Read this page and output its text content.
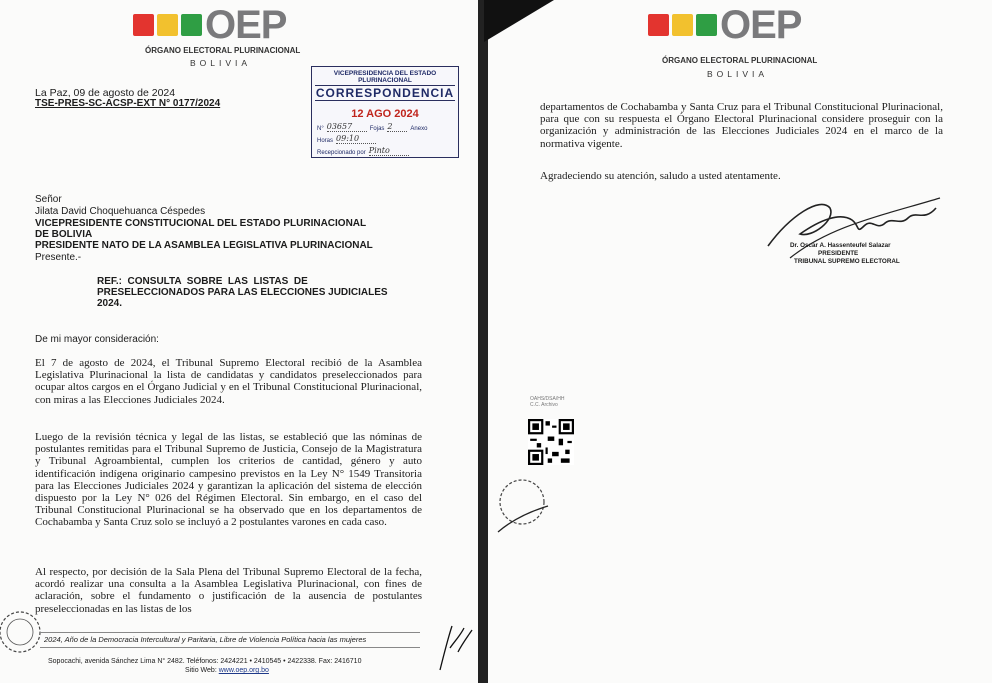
OEP
ÓRGANO ELECTORAL PLURINACIONAL
BOLIVIA
La Paz, 09 de agosto de 2024
TSE-PRES-SC-ACSP-EXT N° 0177/2024
VICEPRESIDENCIA DEL ESTADO PLURINACIONAL
CORRESPONDENCIA
12 AGO 2024
N° 03657	Fojas 2	Anexo
Horas 09:10
Recepcionado por Pinto
Señor
Jilata David Choquehuanca Céspedes
VICEPRESIDENTE CONSTITUCIONAL DEL ESTADO PLURINACIONAL
DE BOLIVIA
PRESIDENTE NATO DE LA ASAMBLEA LEGISLATIVA PLURINACIONAL
Presente.-
REF.:  CONSULTA  SOBRE  LAS  LISTAS  DE
PRESELECCIONADOS PARA LAS ELECCIONES JUDICIALES
2024.
De mi mayor consideración:
El 7 de agosto de 2024, el Tribunal Supremo Electoral recibió de la Asamblea Legislativa Plurinacional la lista de candidatas y candidatos preseleccionados para ocupar altos cargos en el Órgano Judicial y en el Tribunal Constitucional Plurinacional, con miras a las Elecciones Judiciales 2024.
Luego de la revisión técnica y legal de las listas, se estableció que las nóminas de postulantes remitidas para el Tribunal Supremo de Justicia, Consejo de la Magistratura y Tribunal Agroambiental, cumplen los criterios de cantidad, género y auto identificación indígena originario campesino previstos en la Ley N° 1549 Transitoria para las Elecciones Judiciales 2024 y garantizan la aplicación del sistema de elección dispuesto por la Ley N° 026 del Régimen Electoral. Sin embargo, en el caso del Tribunal Constitucional Plurinacional se ha observado que en los departamentos de Cochabamba y Santa Cruz solo se incluyó a 2 postulantes varones en cada caso.
Al respecto, por decisión de la Sala Plena del Tribunal Supremo Electoral de la fecha, acordó realizar una consulta a la Asamblea Legislativa Plurinacional, con fines de aclaración, sobre el fundamento o justificación de la ausencia de postulantes preseleccionadas en las listas de los
2024, Año de la Democracia Intercultural y Paritaria, Libre de Violencia Política hacia las mujeres
Sopocachi, avenida Sánchez Lima N° 2482. Teléfonos: 2424221 • 2410545 • 2422338. Fax: 2416710
Sitio Web: www.oep.org.bo
OEP
ÓRGANO ELECTORAL PLURINACIONAL
BOLIVIA
departamentos de Cochabamba y Santa Cruz para el Tribunal Constitucional Plurinacional, para que con su respuesta el Órgano Electoral Plurinacional considere proseguir con la organización y administración de las Elecciones Judiciales 2024 en el marco de la normativa vigente.
Agradeciendo su atención, saludo a usted atentamente.
Dr. Oscar A. Hassenteufel Salazar
PRESIDENTE
TRIBUNAL SUPREMO ELECTORAL
OAHS/DSA/HH
C.C. Archivo
